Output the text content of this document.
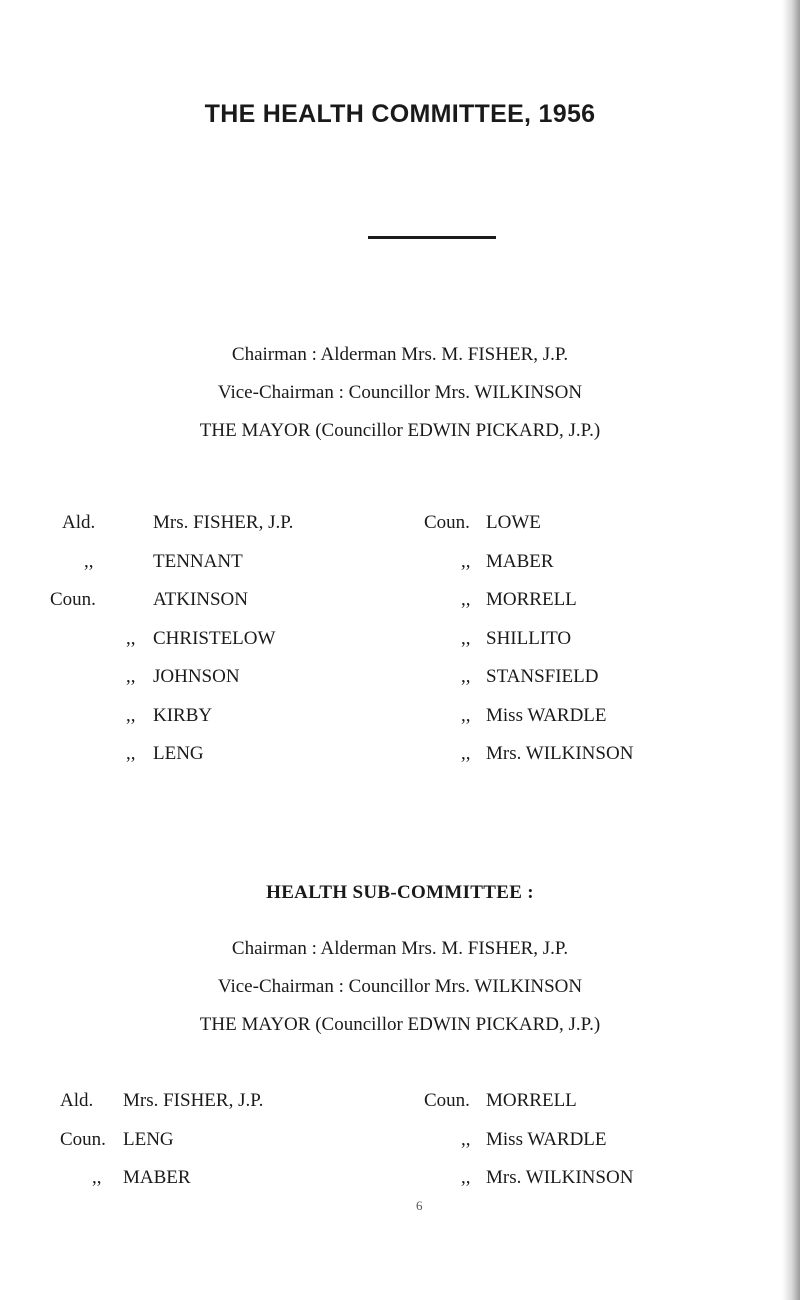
THE HEALTH COMMITTEE, 1956
Chairman : Alderman Mrs. M. FISHER, J.P.
Vice-Chairman : Councillor Mrs. WILKINSON
THE MAYOR (Councillor EDWIN PICKARD, J.P.)
Ald.	Mrs. FISHER, J.P.	Coun. LOWE
,,	TENNANT	,, MABER
Coun.	ATKINSON	,, MORRELL
,, CHRISTELOW	,, SHILLITO
,, JOHNSON	,, STANSFIELD
,, KIRBY	,, Miss WARDLE
,, LENG	,, Mrs. WILKINSON
HEALTH SUB-COMMITTEE :
Chairman : Alderman Mrs. M. FISHER, J.P.
Vice-Chairman : Councillor Mrs. WILKINSON
THE MAYOR (Councillor EDWIN PICKARD, J.P.)
Ald. Mrs. FISHER, J.P.	Coun. MORRELL
Coun. LENG	,, Miss WARDLE
,, MABER	,, Mrs. WILKINSON
6
